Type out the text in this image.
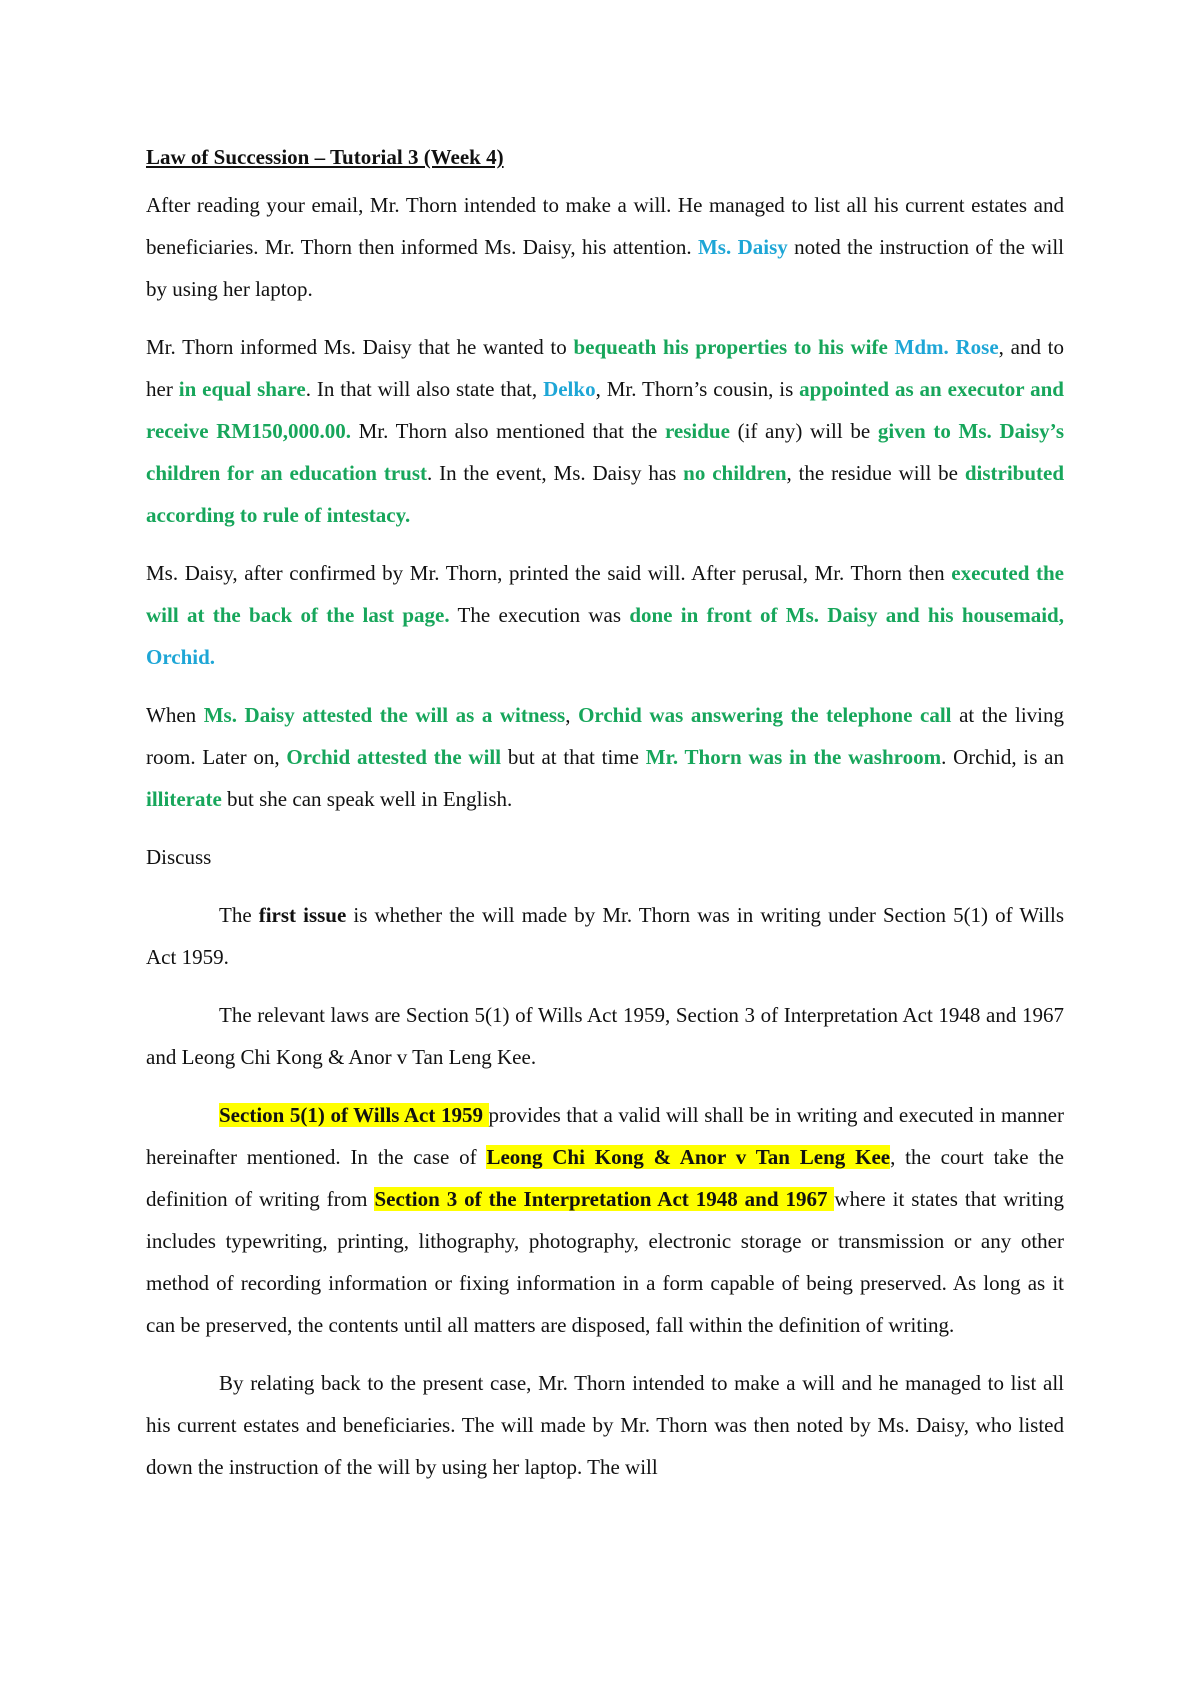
Law of Succession – Tutorial 3 (Week 4)

After reading your email, Mr. Thorn intended to make a will. He managed to list all his current estates and beneficiaries. Mr. Thorn then informed Ms. Daisy, his attention. Ms. Daisy noted the instruction of the will by using her laptop.

Mr. Thorn informed Ms. Daisy that he wanted to bequeath his properties to his wife Mdm. Rose, and to her in equal share. In that will also state that, Delko, Mr. Thorn’s cousin, is appointed as an executor and receive RM150,000.00. Mr. Thorn also mentioned that the residue (if any) will be given to Ms. Daisy’s children for an education trust. In the event, Ms. Daisy has no children, the residue will be distributed according to rule of intestacy.

Ms. Daisy, after confirmed by Mr. Thorn, printed the said will. After perusal, Mr. Thorn then executed the will at the back of the last page. The execution was done in front of Ms. Daisy and his housemaid, Orchid.

When Ms. Daisy attested the will as a witness, Orchid was answering the telephone call at the living room. Later on, Orchid attested the will but at that time Mr. Thorn was in the washroom. Orchid, is an illiterate but she can speak well in English.

Discuss

The first issue is whether the will made by Mr. Thorn was in writing under Section 5(1) of Wills Act 1959.

The relevant laws are Section 5(1) of Wills Act 1959, Section 3 of Interpretation Act 1948 and 1967 and Leong Chi Kong & Anor v Tan Leng Kee.

Section 5(1) of Wills Act 1959 provides that a valid will shall be in writing and executed in manner hereinafter mentioned. In the case of Leong Chi Kong & Anor v Tan Leng Kee, the court take the definition of writing from Section 3 of the Interpretation Act 1948 and 1967 where it states that writing includes typewriting, printing, lithography, photography, electronic storage or transmission or any other method of recording information or fixing information in a form capable of being preserved. As long as it can be preserved, the contents until all matters are disposed, fall within the definition of writing.

By relating back to the present case, Mr. Thorn intended to make a will and he managed to list all his current estates and beneficiaries. The will made by Mr. Thorn was then noted by Ms. Daisy, who listed down the instruction of the will by using her laptop. The will
